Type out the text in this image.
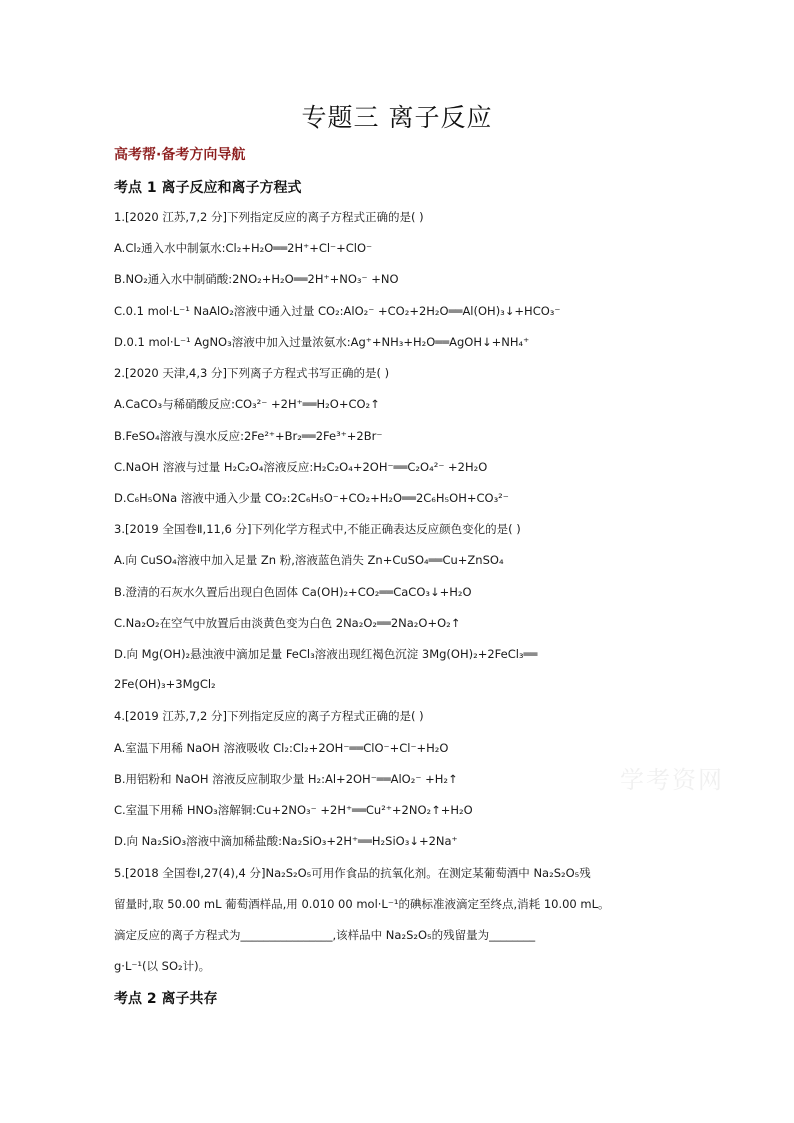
专题三 离子反应
高考帮·备考方向导航
考点 1 离子反应和离子方程式
1.[2020 江苏,7,2 分]下列指定反应的离子方程式正确的是( )
A.Cl₂通入水中制氯水:Cl₂+H₂O══2H⁺+Cl⁻+ClO⁻
B.NO₂通入水中制硝酸:2NO₂+H₂O══2H⁺+NO₃⁻ +NO
C.0.1 mol·L⁻¹ NaAlO₂溶液中通入过量 CO₂:AlO₂⁻ +CO₂+2H₂O══Al(OH)₃↓+HCO₃⁻
D.0.1 mol·L⁻¹ AgNO₃溶液中加入过量浓氨水:Ag⁺+NH₃+H₂O══AgOH↓+NH₄⁺
2.[2020 天津,4,3 分]下列离子方程式书写正确的是( )
A.CaCO₃与稀硝酸反应:CO₃²⁻ +2H⁺══H₂O+CO₂↑
B.FeSO₄溶液与溴水反应:2Fe²⁺+Br₂══2Fe³⁺+2Br⁻
C.NaOH 溶液与过量 H₂C₂O₄溶液反应:H₂C₂O₄+2OH⁻══C₂O₄²⁻ +2H₂O
D.C₆H₅ONa 溶液中通入少量 CO₂:2C₆H₅O⁻+CO₂+H₂O══2C₆H₅OH+CO₃²⁻
3.[2019 全国卷Ⅱ,11,6 分]下列化学方程式中,不能正确表达反应颜色变化的是( )
A.向 CuSO₄溶液中加入足量 Zn 粉,溶液蓝色消失 Zn+CuSO₄══Cu+ZnSO₄
B.澄清的石灰水久置后出现白色固体 Ca(OH)₂+CO₂══CaCO₃↓+H₂O
C.Na₂O₂在空气中放置后由淡黄色变为白色 2Na₂O₂══2Na₂O+O₂↑
D.向 Mg(OH)₂悬浊液中滴加足量 FeCl₃溶液出现红褐色沉淀 3Mg(OH)₂+2FeCl₃══
2Fe(OH)₃+3MgCl₂
4.[2019 江苏,7,2 分]下列指定反应的离子方程式正确的是( )
A.室温下用稀 NaOH 溶液吸收 Cl₂:Cl₂+2OH⁻══ClO⁻+Cl⁻+H₂O
B.用铝粉和 NaOH 溶液反应制取少量 H₂:Al+2OH⁻══AlO₂⁻ +H₂↑
C.室温下用稀 HNO₃溶解铜:Cu+2NO₃⁻ +2H⁺══Cu²⁺+2NO₂↑+H₂O
D.向 Na₂SiO₃溶液中滴加稀盐酸:Na₂SiO₃+2H⁺══H₂SiO₃↓+2Na⁺
5.[2018 全国卷Ⅰ,27(4),4 分]Na₂S₂O₅可用作食品的抗氧化剂。在测定某葡萄酒中 Na₂S₂O₅残
留量时,取 50.00 mL 葡萄酒样品,用 0.010 00 mol·L⁻¹的碘标准液滴定至终点,消耗 10.00 mL。
滴定反应的离子方程式为________________,该样品中 Na₂S₂O₅的残留量为________
g·L⁻¹(以 SO₂计)。
考点 2 离子共存
学考资网
